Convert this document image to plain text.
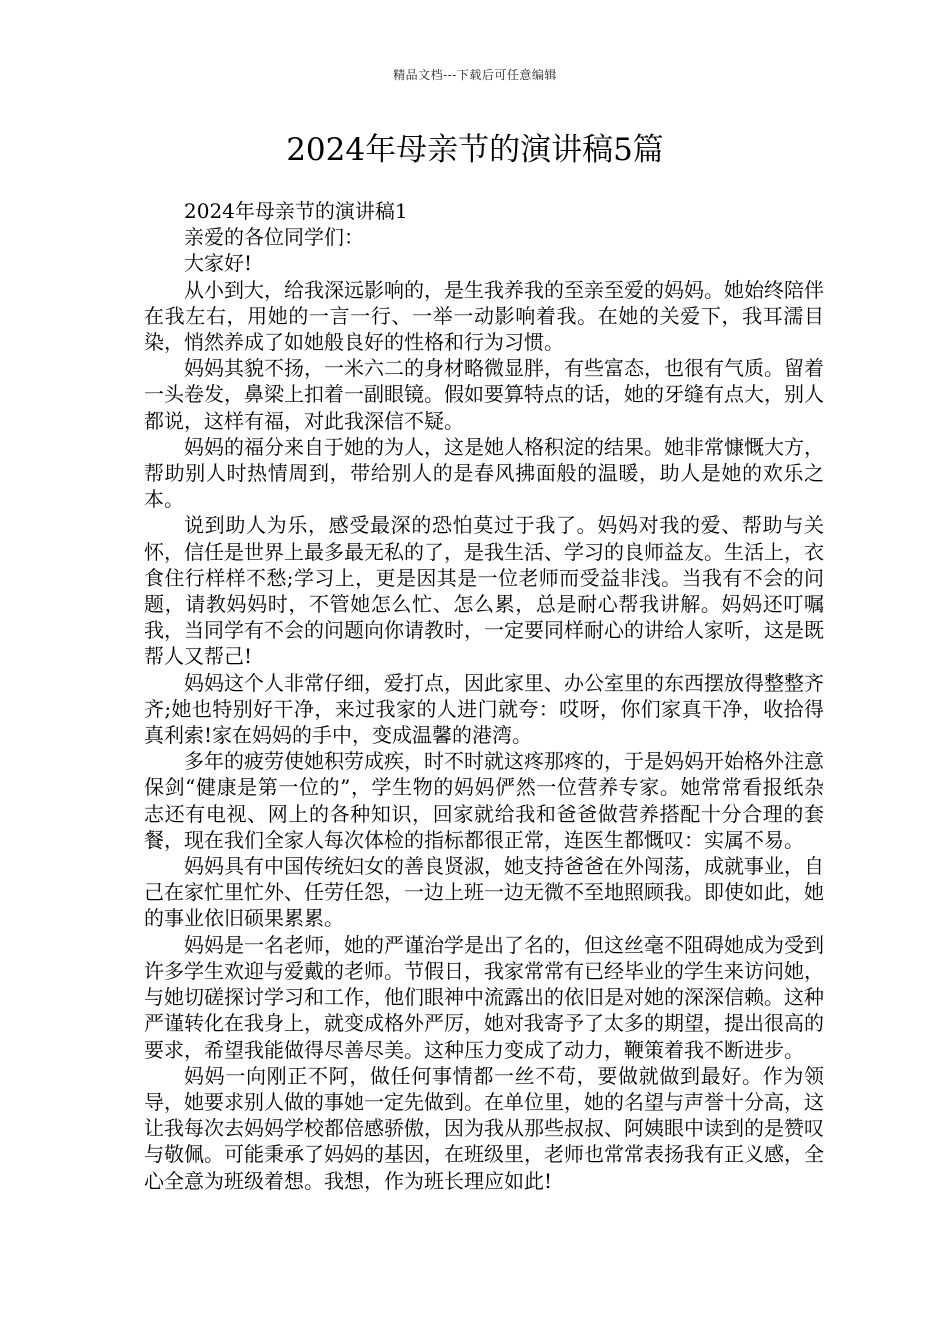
精品文档---下载后可任意编辑
2024年母亲节的演讲稿5篇

2024年母亲节的演讲稿1

亲爱的各位同学们：

大家好!

从小到大，给我深远影响的，是生我养我的至亲至爱的妈妈。她始终陪伴在我左右，用她的一言一行、一举一动影响着我。在她的关爱下，我耳濡目染，悄然养成了如她般良好的性格和行为习惯。

妈妈其貌不扬，一米六二的身材略微显胖，有些富态，也很有气质。留着一头卷发，鼻梁上扣着一副眼镜。假如要算特点的话，她的牙缝有点大，别人都说，这样有福，对此我深信不疑。

妈妈的福分来自于她的为人，这是她人格积淀的结果。她非常慷慨大方，帮助别人时热情周到，带给别人的是春风拂面般的温暖，助人是她的欢乐之本。

说到助人为乐，感受最深的恐怕莫过于我了。妈妈对我的爱、帮助与关怀，信任是世界上最多最无私的了，是我生活、学习的良师益友。生活上，衣食住行样样不愁;学习上，更是因其是一位老师而受益非浅。当我有不会的问题，请教妈妈时，不管她怎么忙、怎么累，总是耐心帮我讲解。妈妈还叮嘱我，当同学有不会的问题向你请教时，一定要同样耐心的讲给人家听，这是既帮人又帮己!

妈妈这个人非常仔细，爱打点，因此家里、办公室里的东西摆放得整整齐齐;她也特别好干净，来过我家的人进门就夸：哎呀，你们家真干净，收拾得真利索!家在妈妈的手中，变成温馨的港湾。

多年的疲劳使她积劳成疾，时不时就这疼那疼的，于是妈妈开始格外注意保剑“健康是第一位的”，学生物的妈妈俨然一位营养专家。她常常看报纸杂志还有电视、网上的各种知识，回家就给我和爸爸做营养搭配十分合理的套餐，现在我们全家人每次体检的指标都很正常，连医生都慨叹：实属不易。

妈妈具有中国传统妇女的善良贤淑，她支持爸爸在外闯荡，成就事业，自己在家忙里忙外、任劳任怨，一边上班一边无微不至地照顾我。即使如此，她的事业依旧硕果累累。

妈妈是一名老师，她的严谨治学是出了名的，但这丝毫不阻碍她成为受到许多学生欢迎与爱戴的老师。节假日，我家常常有已经毕业的学生来访问她，与她切磋探讨学习和工作，他们眼神中流露出的依旧是对她的深深信赖。这种严谨转化在我身上，就变成格外严厉，她对我寄予了太多的期望，提出很高的要求，希望我能做得尽善尽美。这种压力变成了动力，鞭策着我不断进步。

妈妈一向刚正不阿，做任何事情都一丝不苟，要做就做到最好。作为领导，她要求别人做的事她一定先做到。在单位里，她的名望与声誉十分高，这让我每次去妈妈学校都倍感骄傲，因为我从那些叔叔、阿姨眼中读到的是赞叹与敬佩。可能秉承了妈妈的基因，在班级里，老师也常常表扬我有正义感，全心全意为班级着想。我想，作为班长理应如此!
